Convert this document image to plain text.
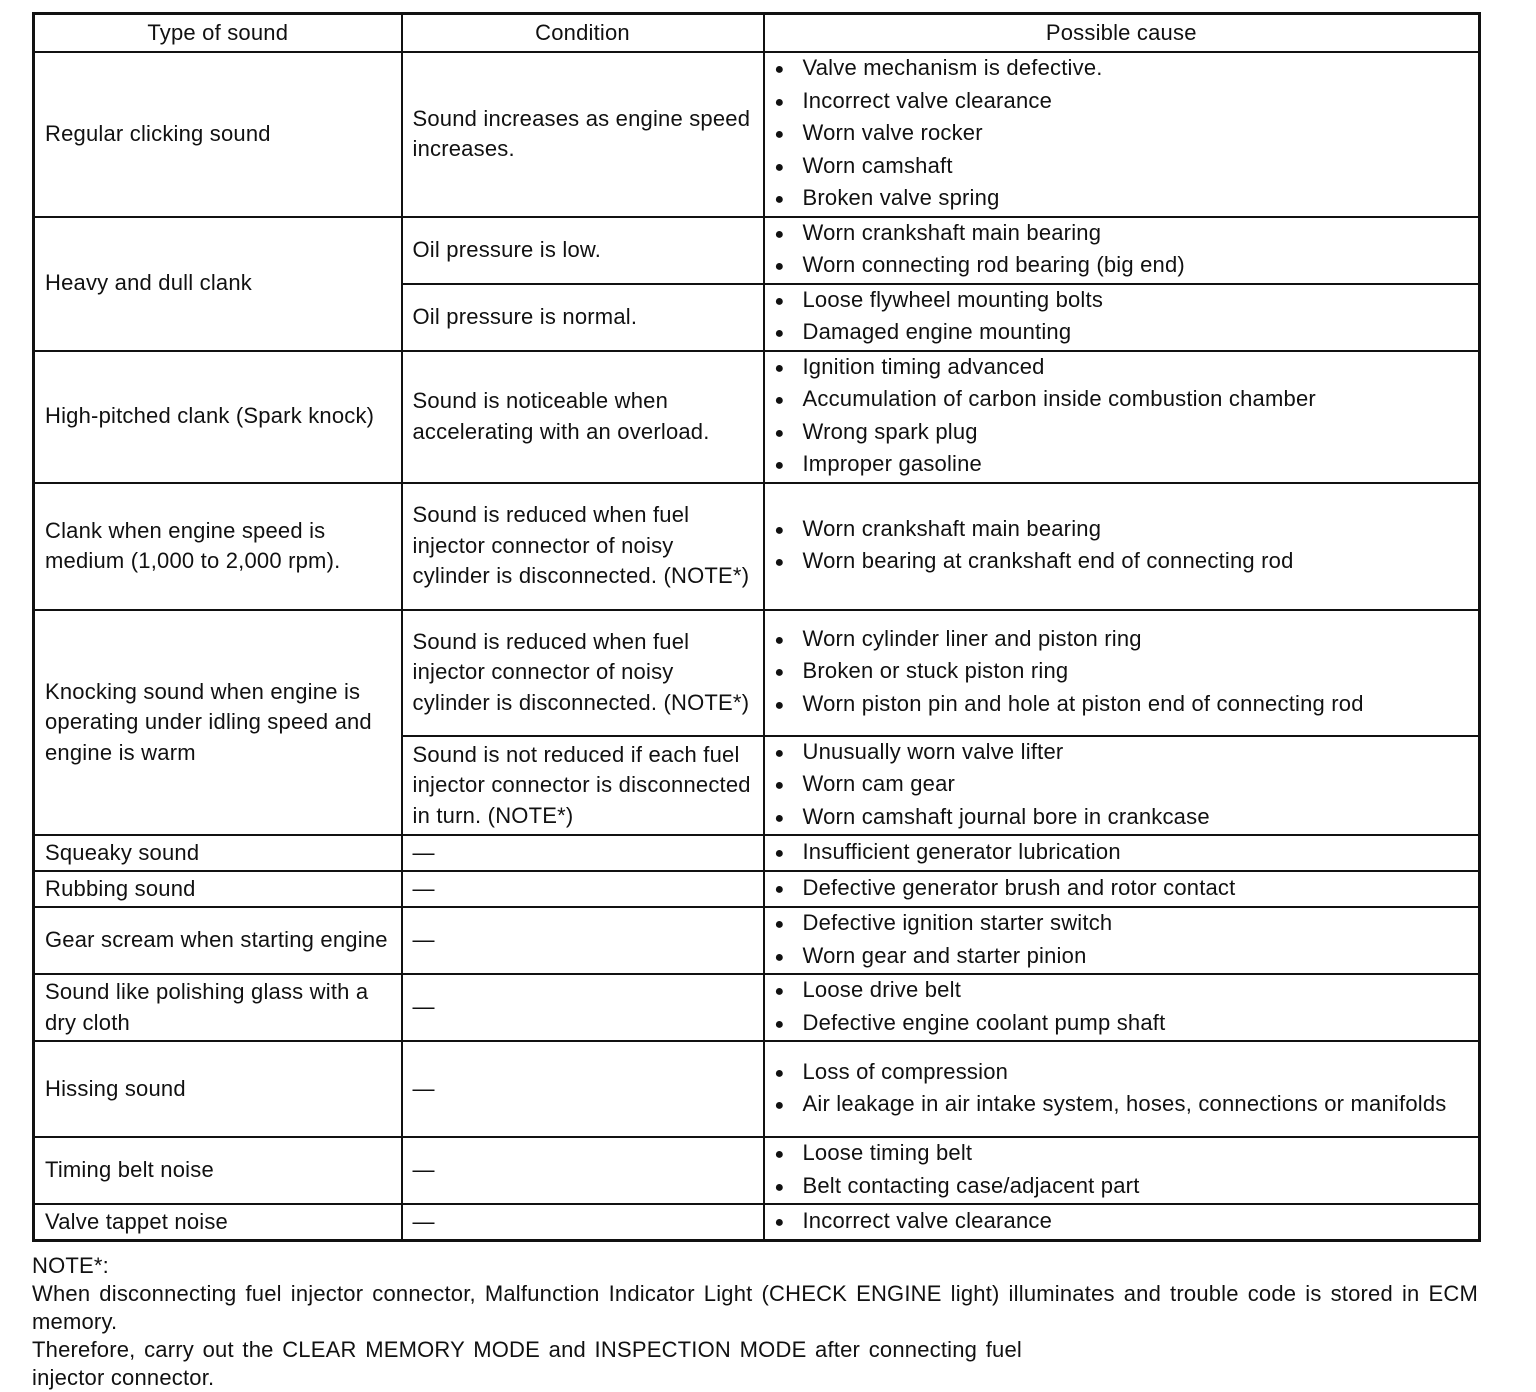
Type of sound	Condition	Possible cause
Regular clicking sound	Sound increases as engine speed increases.	● Valve mechanism is defective.
● Incorrect valve clearance
● Worn valve rocker
● Worn camshaft
● Broken valve spring

Heavy and dull clank	Oil pressure is low.	● Worn crankshaft main bearing
● Worn connecting rod bearing (big end)

	Oil pressure is normal.	● Loose flywheel mounting bolts
● Damaged engine mounting

High-pitched clank (Spark knock)	Sound is noticeable when accelerating with an overload.	● Ignition timing advanced
● Accumulation of carbon inside combustion chamber
● Wrong spark plug
● Improper gasoline

Clank when engine speed is medium (1,000 to 2,000 rpm).	Sound is reduced when fuel injector connector of noisy cylinder is disconnected. (NOTE*)	● Worn crankshaft main bearing
● Worn bearing at crankshaft end of connecting rod

Knocking sound when engine is operating under idling speed and engine is warm	Sound is reduced when fuel injector connector of noisy cylinder is disconnected. (NOTE*)	● Worn cylinder liner and piston ring
● Broken or stuck piston ring
● Worn piston pin and hole at piston end of connecting rod

	Sound is not reduced if each fuel injector connector is disconnected in turn. (NOTE*)	● Unusually worn valve lifter
● Worn cam gear
● Worn camshaft journal bore in crankcase

Squeaky sound	—	● Insufficient generator lubrication

Rubbing sound	—	● Defective generator brush and rotor contact

Gear scream when starting engine	—	● Defective ignition starter switch
● Worn gear and starter pinion

Sound like polishing glass with a dry cloth	—	● Loose drive belt
● Defective engine coolant pump shaft

Hissing sound	—	● Loss of compression
● Air leakage in air intake system, hoses, connections or manifolds

Timing belt noise	—	● Loose timing belt
● Belt contacting case/adjacent part

Valve tappet noise	—	● Incorrect valve clearance
NOTE*:
When disconnecting fuel injector connector, Malfunction Indicator Light (CHECK ENGINE light) illuminates and trouble code is stored in ECM memory.
Therefore, carry out the CLEAR MEMORY MODE and INSPECTION MODE after connecting fuel injector connector.
